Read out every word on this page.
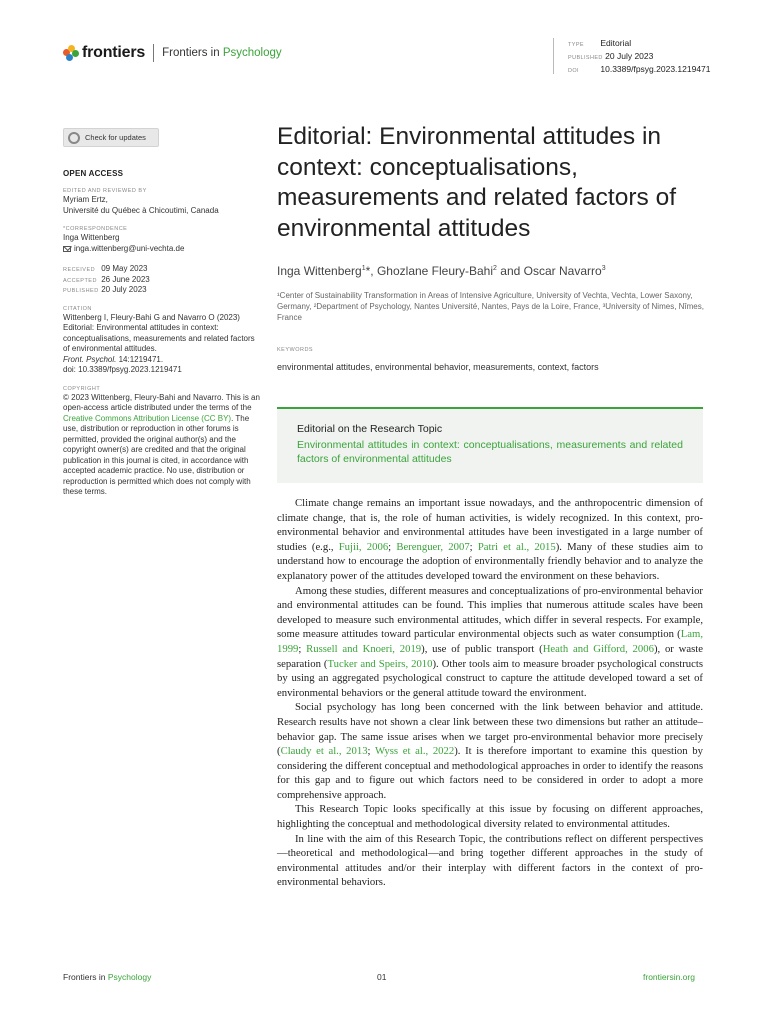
frontiers Frontiers in Psychology
TYPE Editorial
PUBLISHED 20 July 2023
DOI	10.3389/fpsyg.2023.1219471
Check for updates
OPEN ACCESS
EDITED AND REVIEWED BY
Myriam Ertz,
Université du Québec à Chicoutimi, Canada
*CORRESPONDENCE
Inga Wittenberg
inga.wittenberg@uni-vechta.de
RECEIVED 09 May 2023
ACCEPTED 26 June 2023
PUBLISHED 20 July 2023
CITATION
Wittenberg I, Fleury-Bahi G and Navarro O (2023) Editorial: Environmental attitudes in context: conceptualisations, measurements and related factors of environmental attitudes.
Front. Psychol. 14:1219471.
doi: 10.3389/fpsyg.2023.1219471
COPYRIGHT
© 2023 Wittenberg, Fleury-Bahi and Navarro. This is an open-access article distributed under the terms of the Creative Commons Attribution License (CC BY). The use, distribution or reproduction in other forums is permitted, provided the original author(s) and the copyright owner(s) are credited and that the original publication in this journal is cited, in accordance with accepted academic practice. No use, distribution or reproduction is permitted which does not comply with these terms.
Editorial: Environmental attitudes in context: conceptualisations, measurements and related factors of environmental attitudes
Inga Wittenberg$^1$*, Ghozlane Fleury-Bahi$^2$ and Oscar Navarro$^3$
¹Center of Sustainability Transformation in Areas of Intensive Agriculture, University of Vechta, Vechta, Lower Saxony, Germany, ²Department of Psychology, Nantes Université, Nantes, Pays de la Loire, France, ³University of Nimes, Nîmes, France
KEYWORDS
environmental attitudes, environmental behavior, measurements, context, factors
Editorial on the Research Topic
Environmental attitudes in context: conceptualisations, measurements and related factors of environmental attitudes

Climate change remains an important issue nowadays, and the anthropocentric dimension of climate change, that is, the role of human activities, is widely recognized. In this context, pro-environmental behavior and environmental attitudes have been investigated in a large number of studies (e.g., Fujii, 2006; Berenguer, 2007; Patri et al., 2015). Many of these studies aim to understand how to encourage the adoption of environmentally friendly behavior and to analyze the explanatory power of the attitudes developed toward the environment on these behaviors.

Among these studies, different measures and conceptualizations of pro-environmental behavior and environmental attitudes can be found. This implies that numerous attitude scales have been developed to measure such environmental attitudes, which differ in several respects. For example, some measure attitudes toward particular environmental objects such as water consumption (Lam, 1999; Russell and Knoeri, 2019), use of public transport (Heath and Gifford, 2006), or waste separation (Tucker and Speirs, 2010). Other tools aim to measure broader psychological constructs by using an aggregated psychological construct to capture the attitude developed toward a set of environmental behaviors or the general attitude toward the environment.

Social psychology has long been concerned with the link between behavior and attitude. Research results have not shown a clear link between these two dimensions but rather an attitude–behavior gap. The same issue arises when we target pro-environmental behavior more precisely (Claudy et al., 2013; Wyss et al., 2022). It is therefore important to examine this question by considering the different conceptual and methodological approaches in order to identify the reasons for this gap and to figure out which factors need to be considered in order to adopt a more comprehensive approach.

This Research Topic looks specifically at this issue by focusing on different approaches, highlighting the conceptual and methodological diversity related to environmental attitudes.

In line with the aim of this Research Topic, the contributions reflect on different perspectives—theoretical and methodological—and bring together different approaches in the study of environmental attitudes and/or their interplay with different factors in the context of pro-environmental behaviors.

Frontiers in Psychology	01	frontiersin.org
